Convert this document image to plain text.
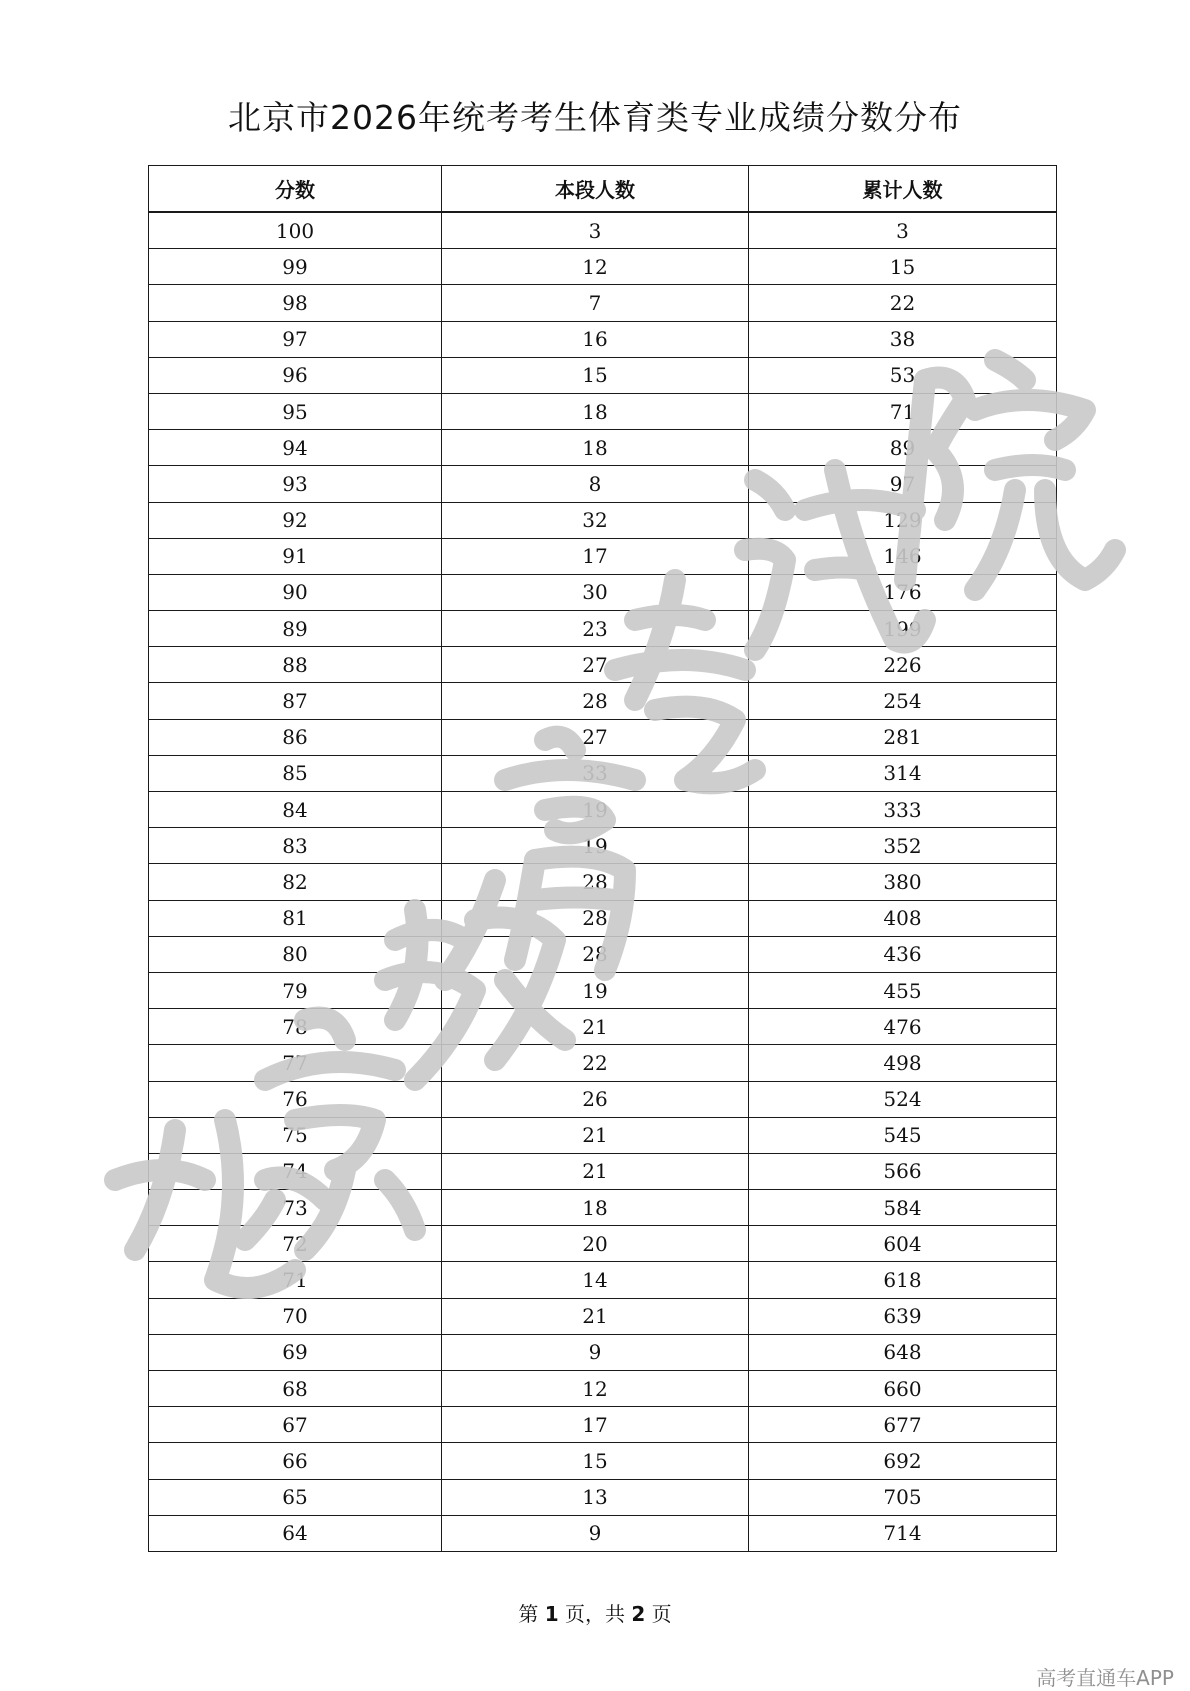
北京市2026年统考考生体育类专业成绩分数分布
分数	本段人数	累计人数
100	3	3
99	12	15
98	7	22
97	16	38
96	15	53
95	18	71
94	18	89
93	8	97
92	32	129
91	17	146
90	30	176
89	23	199
88	27	226
87	28	254
86	27	281
85	33	314
84	19	333
83	19	352
82	28	380
81	28	408
80	28	436
79	19	455
78	21	476
77	22	498
76	26	524
75	21	545
74	21	566
73	18	584
72	20	604
71	14	618
70	21	639
69	9	648
68	12	660
67	17	677
66	15	692
65	13	705
64	9	714
第 1 页，共 2 页
高考直通车APP
